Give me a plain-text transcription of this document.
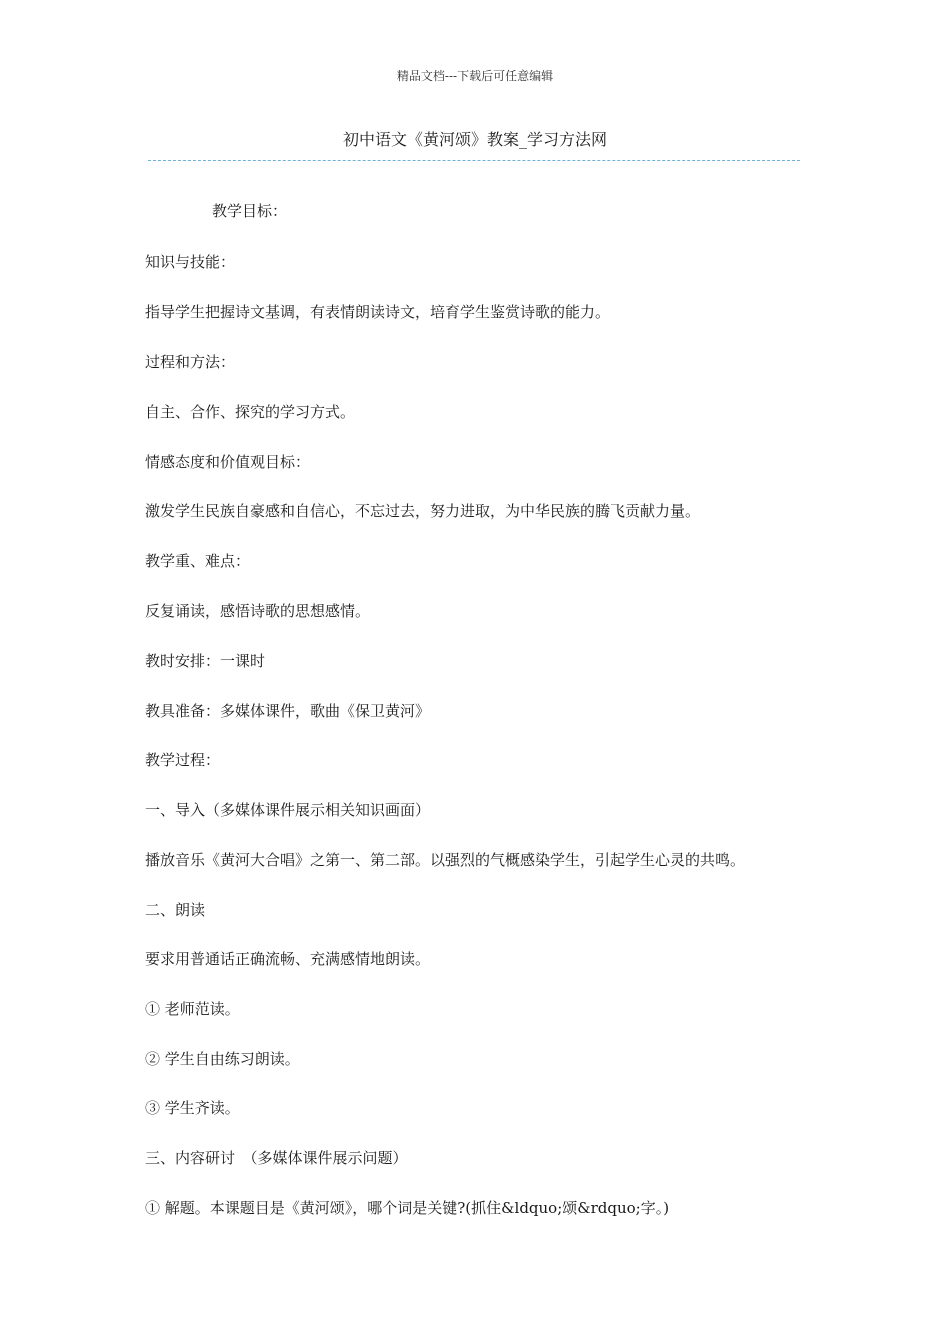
精品文档---下载后可任意编辑
初中语文《黄河颂》教案_学习方法网
教学目标：
知识与技能：
指导学生把握诗文基调，有表情朗读诗文，培育学生鉴赏诗歌的能力。
过程和方法：
自主、合作、探究的学习方式。
情感态度和价值观目标：
激发学生民族自豪感和自信心，不忘过去，努力进取，为中华民族的腾飞贡献力量。
教学重、难点：
反复诵读，感悟诗歌的思想感情。
教时安排：一课时
教具准备：多媒体课件，歌曲《保卫黄河》
教学过程：
一、导入（多媒体课件展示相关知识画面）
播放音乐《黄河大合唱》之第一、第二部。以强烈的气概感染学生，引起学生心灵的共鸣。
二、朗读
要求用普通话正确流畅、充满感情地朗读。
① 老师范读。
② 学生自由练习朗读。
③ 学生齐读。
三、内容研讨　（多媒体课件展示问题）
① 解题。本课题目是《黄河颂》，哪个词是关键?(抓住&ldquo;颂&rdquo;字。)
